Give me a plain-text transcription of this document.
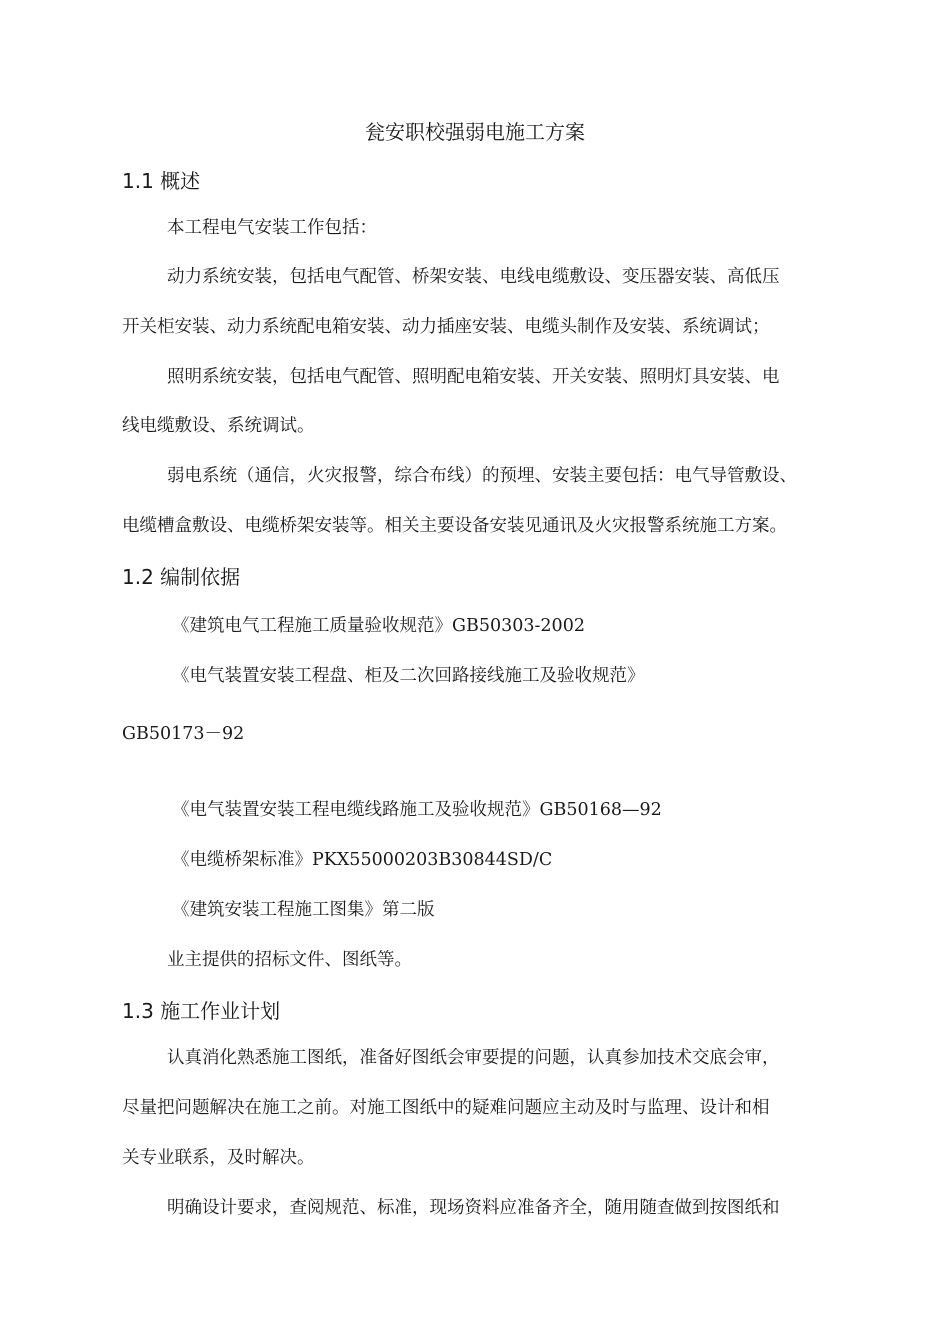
瓮安职校强弱电施工方案
1.1 概述
本工程电气安装工作包括：
动力系统安装，包括电气配管、桥架安装、电线电缆敷设、变压器安装、高低压
开关柜安装、动力系统配电箱安装、动力插座安装、电缆头制作及安装、系统调试；
照明系统安装，包括电气配管、照明配电箱安装、开关安装、照明灯具安装、电
线电缆敷设、系统调试。
弱电系统（通信，火灾报警，综合布线）的预埋、安装主要包括：电气导管敷设、
电缆槽盒敷设、电缆桥架安装等。相关主要设备安装见通讯及火灾报警系统施工方案。
1.2 编制依据
《建筑电气工程施工质量验收规范》GB50303-2002
《电气装置安装工程盘、柜及二次回路接线施工及验收规范》
GB50173－92
《电气装置安装工程电缆线路施工及验收规范》GB50168—92
《电缆桥架标准》PKX55000203B30844SD/C
《建筑安装工程施工图集》第二版
业主提供的招标文件、图纸等。
1.3 施工作业计划
认真消化熟悉施工图纸，准备好图纸会审要提的问题，认真参加技术交底会审，
尽量把问题解决在施工之前。对施工图纸中的疑难问题应主动及时与监理、设计和相
关专业联系，及时解决。
明确设计要求，查阅规范、标准，现场资料应准备齐全，随用随查做到按图纸和
